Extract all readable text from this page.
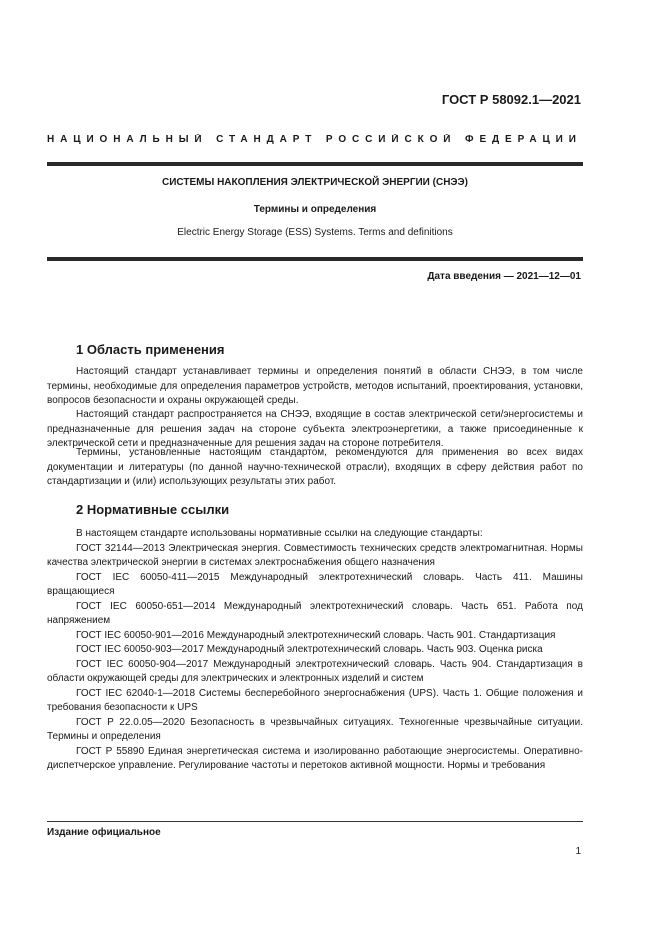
ГОСТ Р 58092.1—2021
НАЦИОНАЛЬНЫЙ СТАНДАРТ РОССИЙСКОЙ ФЕДЕРАЦИИ
СИСТЕМЫ НАКОПЛЕНИЯ ЭЛЕКТРИЧЕСКОЙ ЭНЕРГИИ (СНЭЭ)
Термины и определения
Electric Energy Storage (ESS) Systems. Terms and definitions
Дата введения — 2021—12—01
1 Область применения

Настоящий стандарт устанавливает термины и определения понятий в области СНЭЭ, в том числе термины, необходимые для определения параметров устройств, методов испытаний, проектирования, установки, вопросов безопасности и охраны окружающей среды.

Настоящий стандарт распространяется на СНЭЭ, входящие в состав электрической сети/энергосистемы и предназначенные для решения задач на стороне субъекта электроэнергетики, а также присоединенные к электрической сети и предназначенные для решения задач на стороне потребителя.

Термины, установленные настоящим стандартом, рекомендуются для применения во всех видах документации и литературы (по данной научно-технической отрасли), входящих в сферу действия работ по стандартизации и (или) использующих результаты этих работ.

2 Нормативные ссылки

В настоящем стандарте использованы нормативные ссылки на следующие стандарты:

ГОСТ 32144—2013 Электрическая энергия. Совместимость технических средств электромагнитная. Нормы качества электрической энергии в системах электроснабжения общего назначения

ГОСТ IEC 60050-411—2015 Международный электротехнический словарь. Часть 411. Машины вращающиеся

ГОСТ IEC 60050-651—2014 Международный электротехнический словарь. Часть 651. Работа под напряжением

ГОСТ IEC 60050-901—2016 Международный электротехнический словарь. Часть 901. Стандартизация

ГОСТ IEC 60050-903—2017 Международный электротехнический словарь. Часть 903. Оценка риска

ГОСТ IEC 60050-904—2017 Международный электротехнический словарь. Часть 904. Стандартизация в области окружающей среды для электрических и электронных изделий и систем

ГОСТ IEC 62040-1—2018 Системы бесперебойного энергоснабжения (UPS). Часть 1. Общие положения и требования безопасности к UPS

ГОСТ Р 22.0.05—2020 Безопасность в чрезвычайных ситуациях. Техногенные чрезвычайные ситуации. Термины и определения

ГОСТ Р 55890 Единая энергетическая система и изолированно работающие энергосистемы. Оперативно-диспетчерское управление. Регулирование частоты и перетоков активной мощности. Нормы и требования

Издание официальное
1
